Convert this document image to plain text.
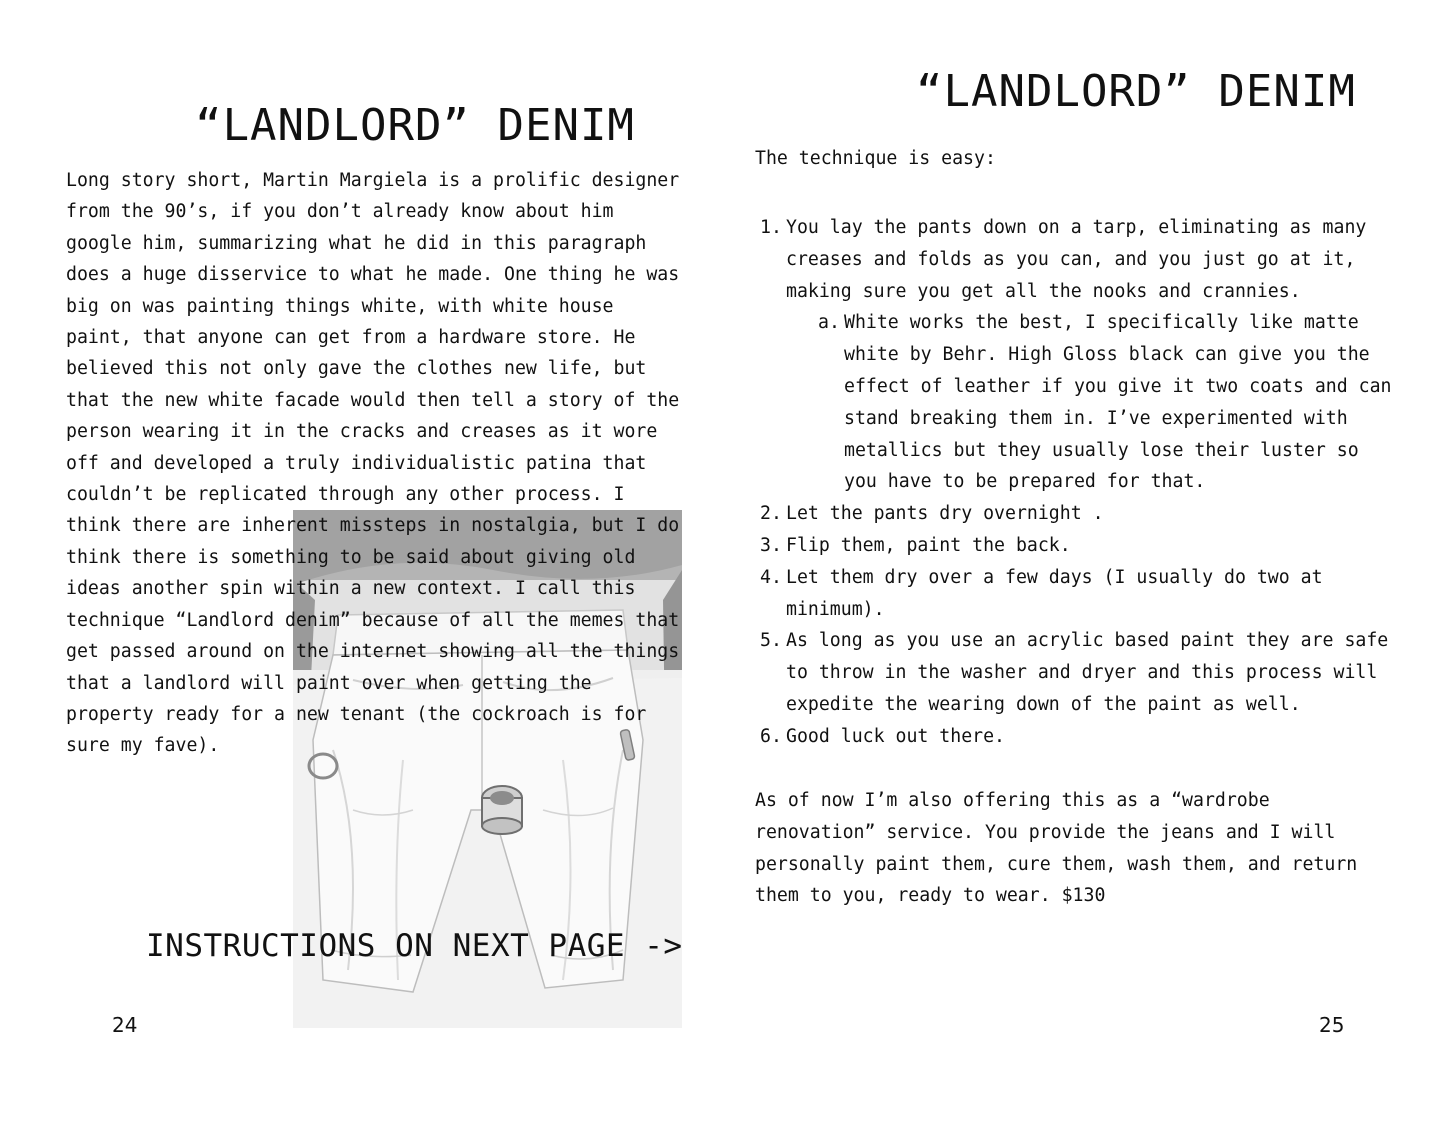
“LANDLORD” DENIM

Long story short, Martin Margiela is a prolific designer
from the 90’s, if you don’t already know about him
google him, summarizing what he did in this paragraph
does a huge disservice to what he made. One thing he was
big on was painting things white, with white house
paint, that anyone can get from a hardware store. He
believed this not only gave the clothes new life, but
that the new white facade would then tell a story of the
person wearing it in the cracks and creases as it wore
off and developed a truly individualistic patina that
couldn’t be replicated through any other process. I
think there are inherent missteps in nostalgia, but I do
think there is something to be said about giving old
ideas another spin within a new context. I call this
technique “Landlord denim” because of all the memes that
get passed around on the internet showing all the things
that a landlord will paint over when getting the
property ready for a new tenant (the cockroach is for
sure my fave).

INSTRUCTIONS ON NEXT PAGE ->

24
“LANDLORD” DENIM

The technique is easy:

1. You lay the pants down on a tarp, eliminating as many creases and folds as you can, and you just go at it, making sure you get all the nooks and crannies.
a. White works the best, I specifically like matte white by Behr. High Gloss black can give you the effect of leather if you give it two coats and can stand breaking them in. I’ve experimented with metallics but they usually lose their luster so you have to be prepared for that.
2. Let the pants dry overnight .
3. Flip them, paint the back.
4. Let them dry over a few days (I usually do two at minimum).
5. As long as you use an acrylic based paint they are safe to throw in the washer and dryer and this process will expedite the wearing down of the paint as well.
6. Good luck out there.

As of now I’m also offering this as a “wardrobe
renovation” service. You provide the jeans and I will
personally paint them, cure them, wash them, and return
them to you, ready to wear. $130

25
